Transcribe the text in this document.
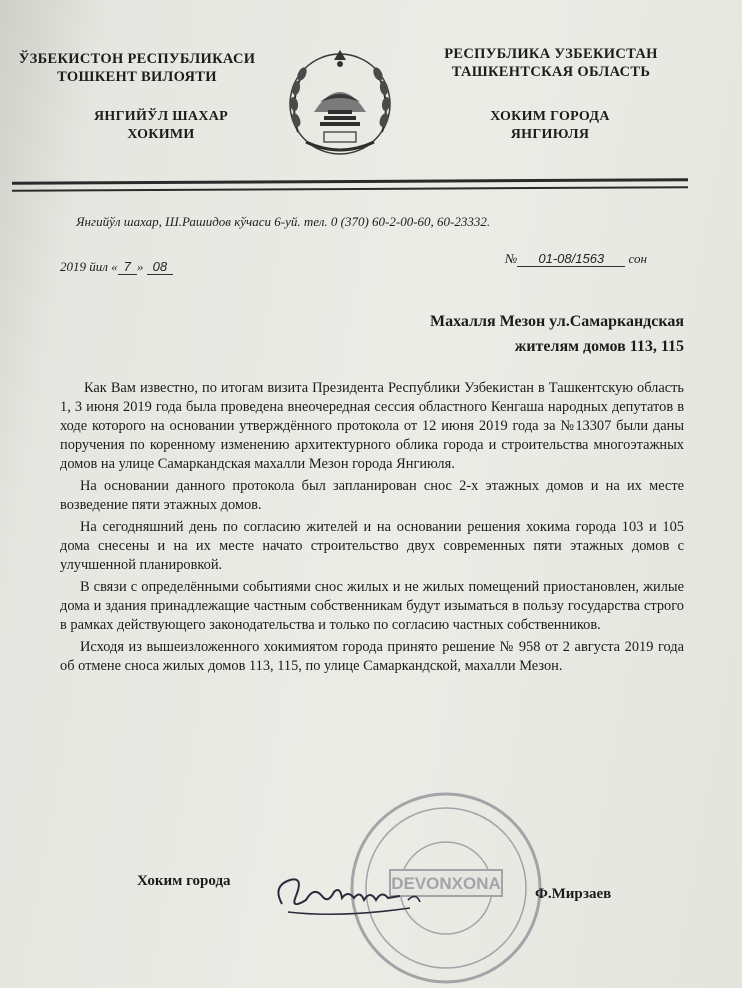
ЎЗБЕКИСТОН РЕСПУБЛИКАСИ
ТОШКЕНТ ВИЛОЯТИ
ЯНГИЙЎЛ ШАХАР
ХОКИМИ
РЕСПУБЛИКА УЗБЕКИСТАН
ТАШКЕНТСКАЯ ОБЛАСТЬ
ХОКИМ ГОРОДА
ЯНГИЮЛЯ
Янгийўл шахар, Ш.Рашидов кўчаси 6-уй. тел. 0 (370) 60-2-00-60, 60-23332.
2019 йил « 7 » 08
№ 01-08/1563 сон
Махалля Мезон ул.Самаркандская
жителям домов 113, 115

Как Вам известно, по итогам визита Президента Республики Узбекистан в Ташкентскую область 1, 3 июня 2019 года была проведена внеочередная сессия областного Кенгаша народных депутатов в ходе которого на основании утверждённого протокола от 12 июня 2019 года за №13307 были даны поручения по коренному изменению архитектурного облика города и строительства многоэтажных домов на улице Самаркандская махалли Мезон города Янгиюля.

На основании данного протокола был запланирован снос 2-х этажных домов и на их месте возведение пяти этажных домов.

На сегодняшний день по согласию жителей и на основании решения хокима города 103 и 105 дома снесены и на их месте начато строительство двух современных пяти этажных домов с улучшенной планировкой.

В связи с определёнными событиями снос жилых и не жилых помещений приостановлен, жилые дома и здания принадлежащие частным собственникам будут изыматься в пользу государства строго в рамках действующего законодательства и только по согласию частных собственников.

Исходя из вышеизложенного хокимиятом города принято решение № 958 от 2 августа 2019 года об отмене сноса жилых домов 113, 115, по улице Самаркандской, махалли Мезон.

DEVONXONA
Хоким города
Ф.Мирзаев
